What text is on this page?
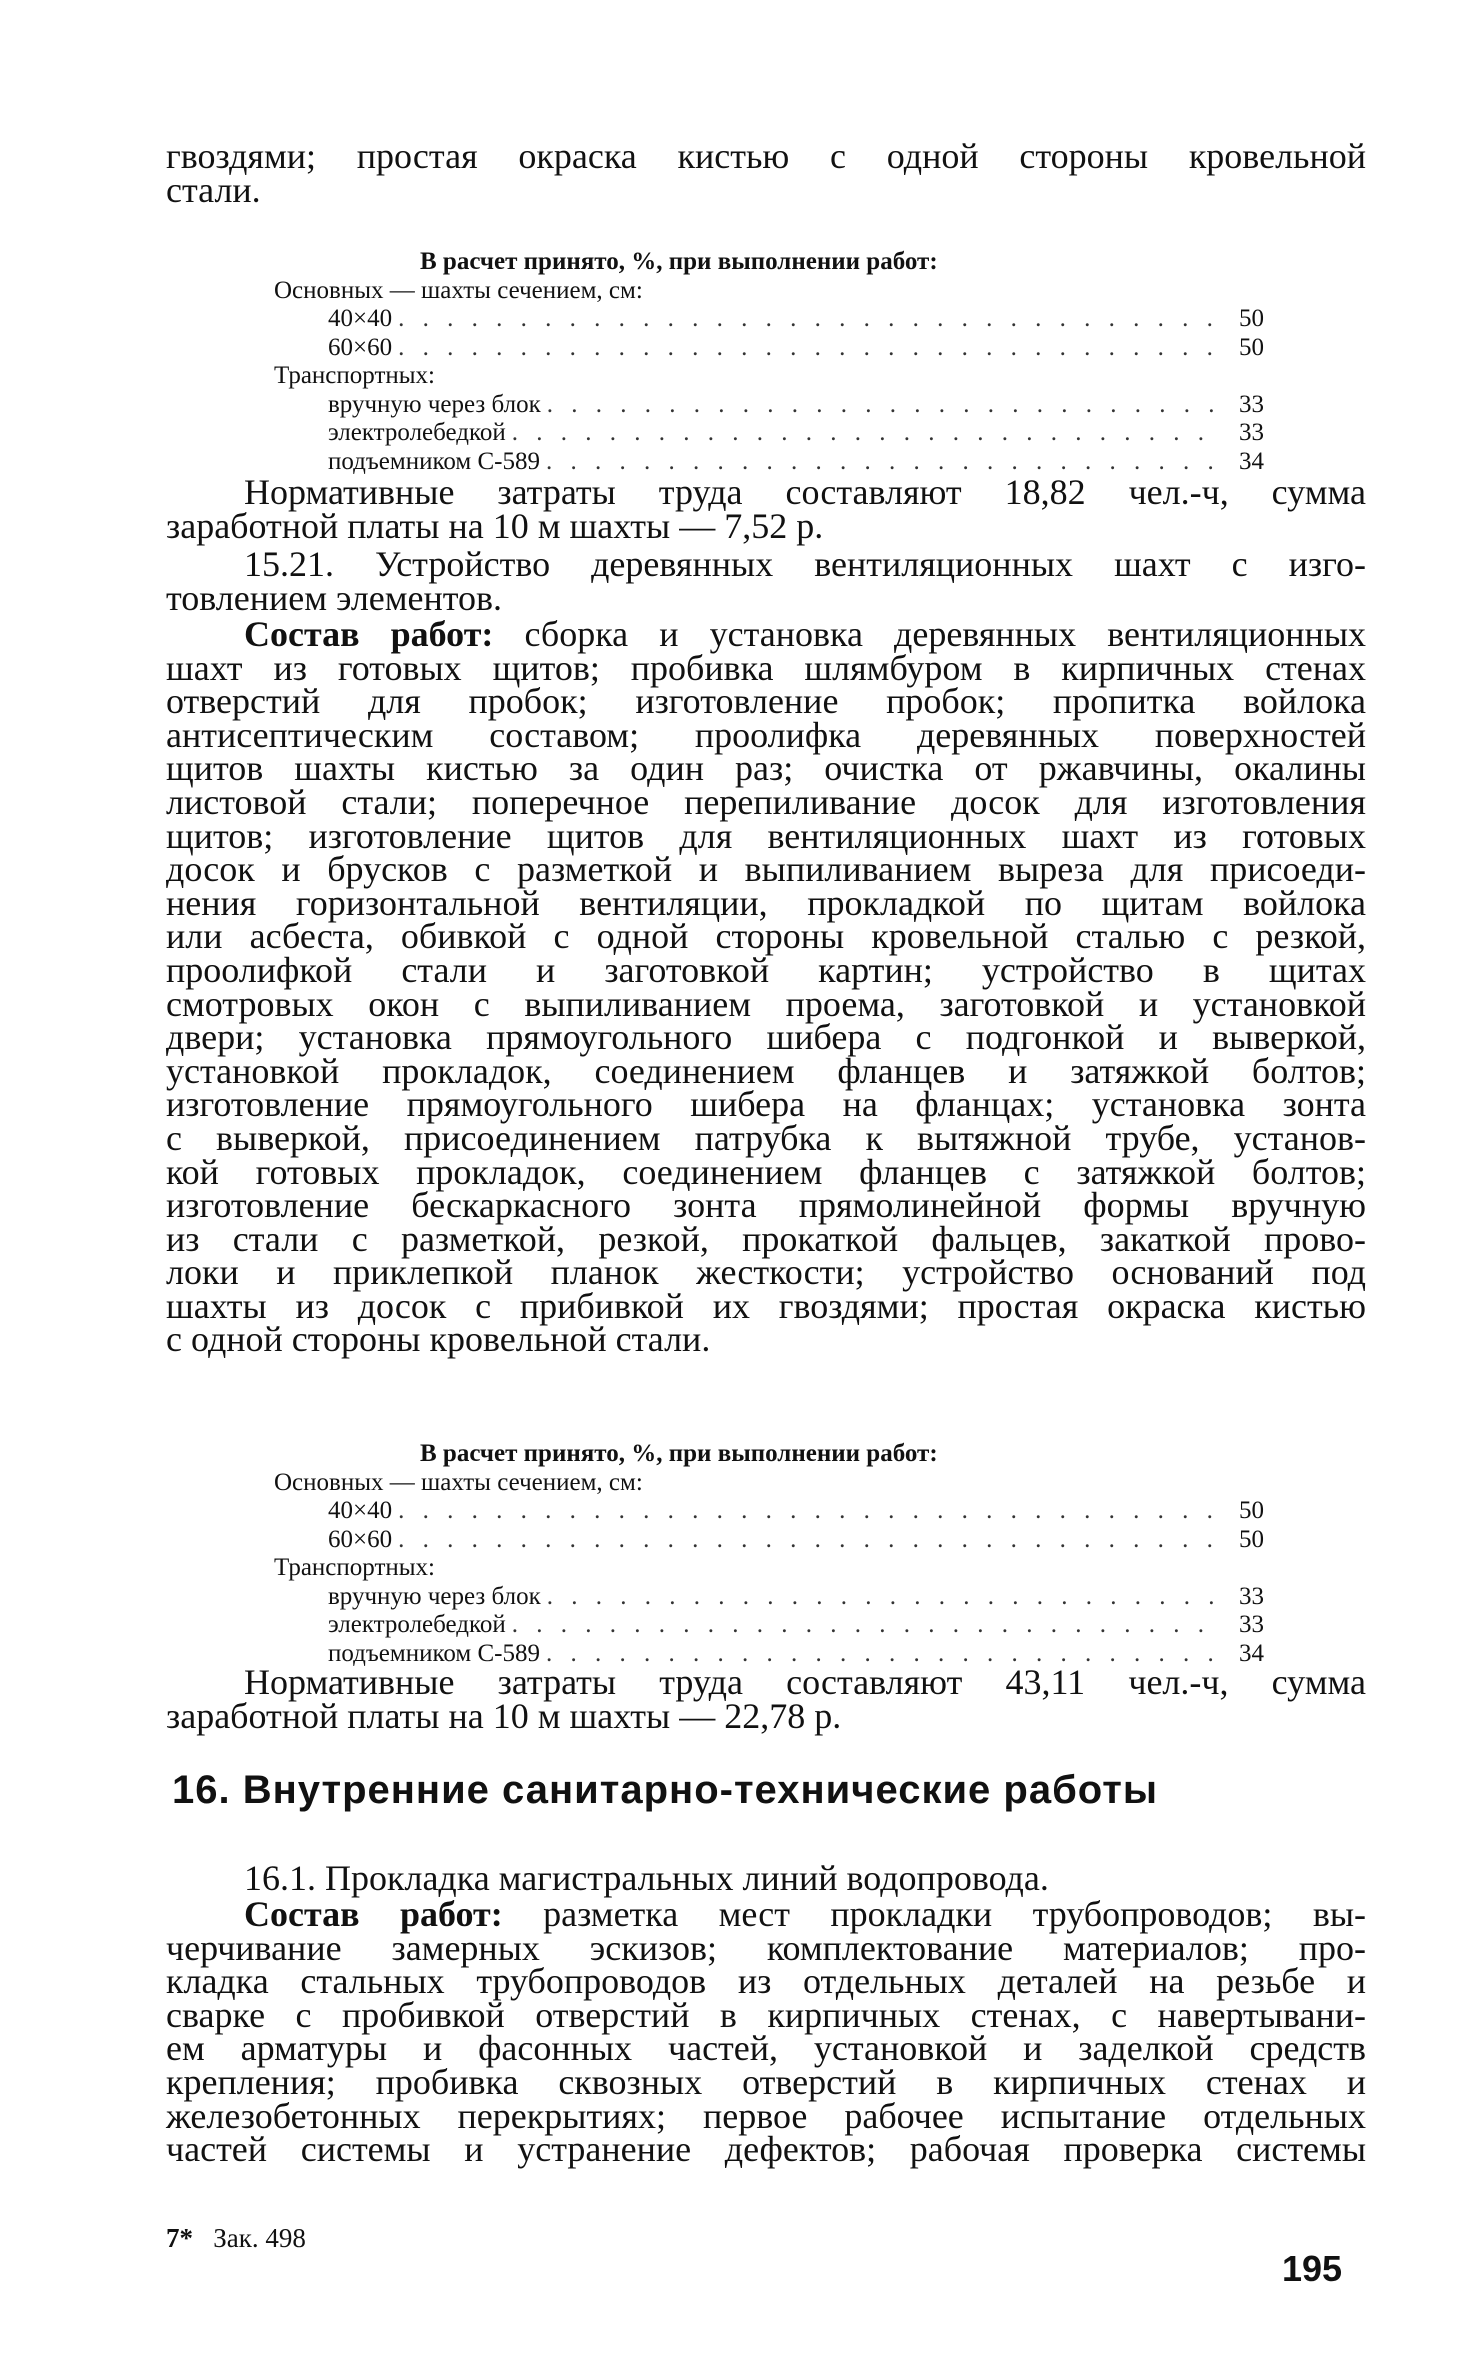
гвоздями; простая окраска кистью с одной стороны кровельной
стали.
В расчет принято, %, при выполнении работ:
Основных — шахты сечением, см:
40×40 . . .	50
60×60 . . .	50
Транспортных:
вручную через блок . . .	33
электролебедкой . . .	33
подъемником С-589 . . .	34
Нормативные затраты труда составляют 18,82 чел.-ч, сумма
заработной платы на 10 м шахты — 7,52 р.
15.21. Устройство деревянных вентиляционных шахт с изго-
товлением элементов.
Состав работ: сборка и установка деревянных вентиляционных
шахт из готовых щитов; пробивка шлямбуром в кирпичных стенах
отверстий для пробок; изготовление пробок; пропитка войлока
антисептическим составом; проолифка деревянных поверхностей
щитов шахты кистью за один раз; очистка от ржавчины, окалины
листовой стали; поперечное перепиливание досок для изготовления
щитов; изготовление щитов для вентиляционных шахт из готовых
досок и брусков с разметкой и выпиливанием выреза для присоеди-
нения горизонтальной вентиляции, прокладкой по щитам войлока
или асбеста, обивкой с одной стороны кровельной сталью с резкой,
проолифкой стали и заготовкой картин; устройство в щитах
смотровых окон с выпиливанием проема, заготовкой и установкой
двери; установка прямоугольного шибера с подгонкой и выверкой,
установкой прокладок, соединением фланцев и затяжкой болтов;
изготовление прямоугольного шибера на фланцах; установка зонта
с выверкой, присоединением патрубка к вытяжной трубе, установ-
кой готовых прокладок, соединением фланцев с затяжкой болтов;
изготовление бескаркасного зонта прямолинейной формы вручную
из стали с разметкой, резкой, прокаткой фальцев, закаткой прово-
локи и приклепкой планок жесткости; устройство оснований под
шахты из досок с прибивкой их гвоздями; простая окраска кистью
с одной стороны кровельной стали.
В расчет принято, %, при выполнении работ:
Основных — шахты сечением, см:
40×40 . . .	50
60×60 . . .	50
Транспортных:
вручную через блок . . .	33
электролебедкой . . .	33
подъемником С-589 . . .	34
Нормативные затраты труда составляют 43,11 чел.-ч, сумма
заработной платы на 10 м шахты — 22,78 р.
16. Внутренние санитарно-технические работы
16.1. Прокладка магистральных линий водопровода.
Состав работ: разметка мест прокладки трубопроводов; вы-
черчивание замерных эскизов; комплектование материалов; про-
кладка стальных трубопроводов из отдельных деталей на резьбе и
сварке с пробивкой отверстий в кирпичных стенах, с навертывани-
ем арматуры и фасонных частей, установкой и заделкой средств
крепления; пробивка сквозных отверстий в кирпичных стенах и
железобетонных перекрытиях; первое рабочее испытание отдельных
частей системы и устранение дефектов; рабочая проверка системы
7* Зак. 498
195
